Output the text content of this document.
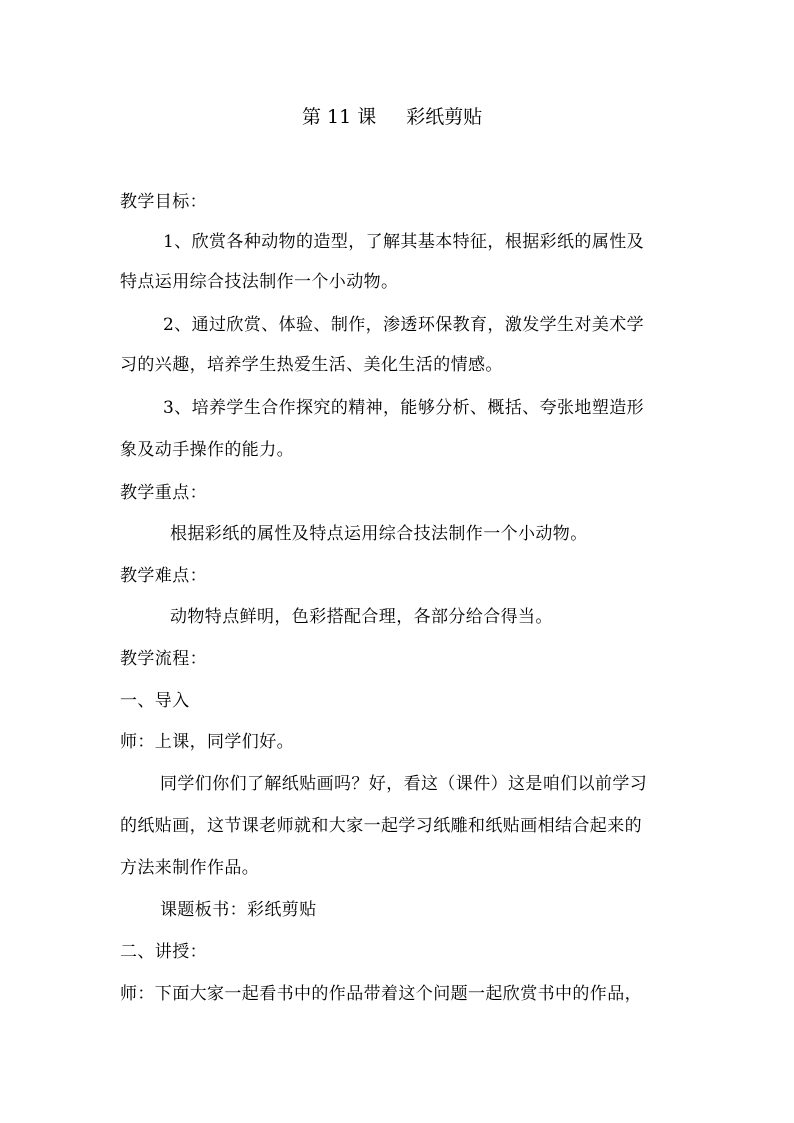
第 11 课 彩纸剪贴
教学目标：
1、欣赏各种动物的造型，了解其基本特征，根据彩纸的属性及
特点运用综合技法制作一个小动物。
2、通过欣赏、体验、制作，渗透环保教育，激发学生对美术学
习的兴趣，培养学生热爱生活、美化生活的情感。
3、培养学生合作探究的精神，能够分析、概括、夸张地塑造形
象及动手操作的能力。
教学重点：
根据彩纸的属性及特点运用综合技法制作一个小动物。
教学难点：
动物特点鲜明，色彩搭配合理，各部分给合得当。
教学流程：
一、导入
师：上课，同学们好。
同学们你们了解纸贴画吗？好，看这（课件）这是咱们以前学习
的纸贴画，这节课老师就和大家一起学习纸雕和纸贴画相结合起来的
方法来制作作品。
课题板书：彩纸剪贴
二、讲授：
师：下面大家一起看书中的作品带着这个问题一起欣赏书中的作品，
